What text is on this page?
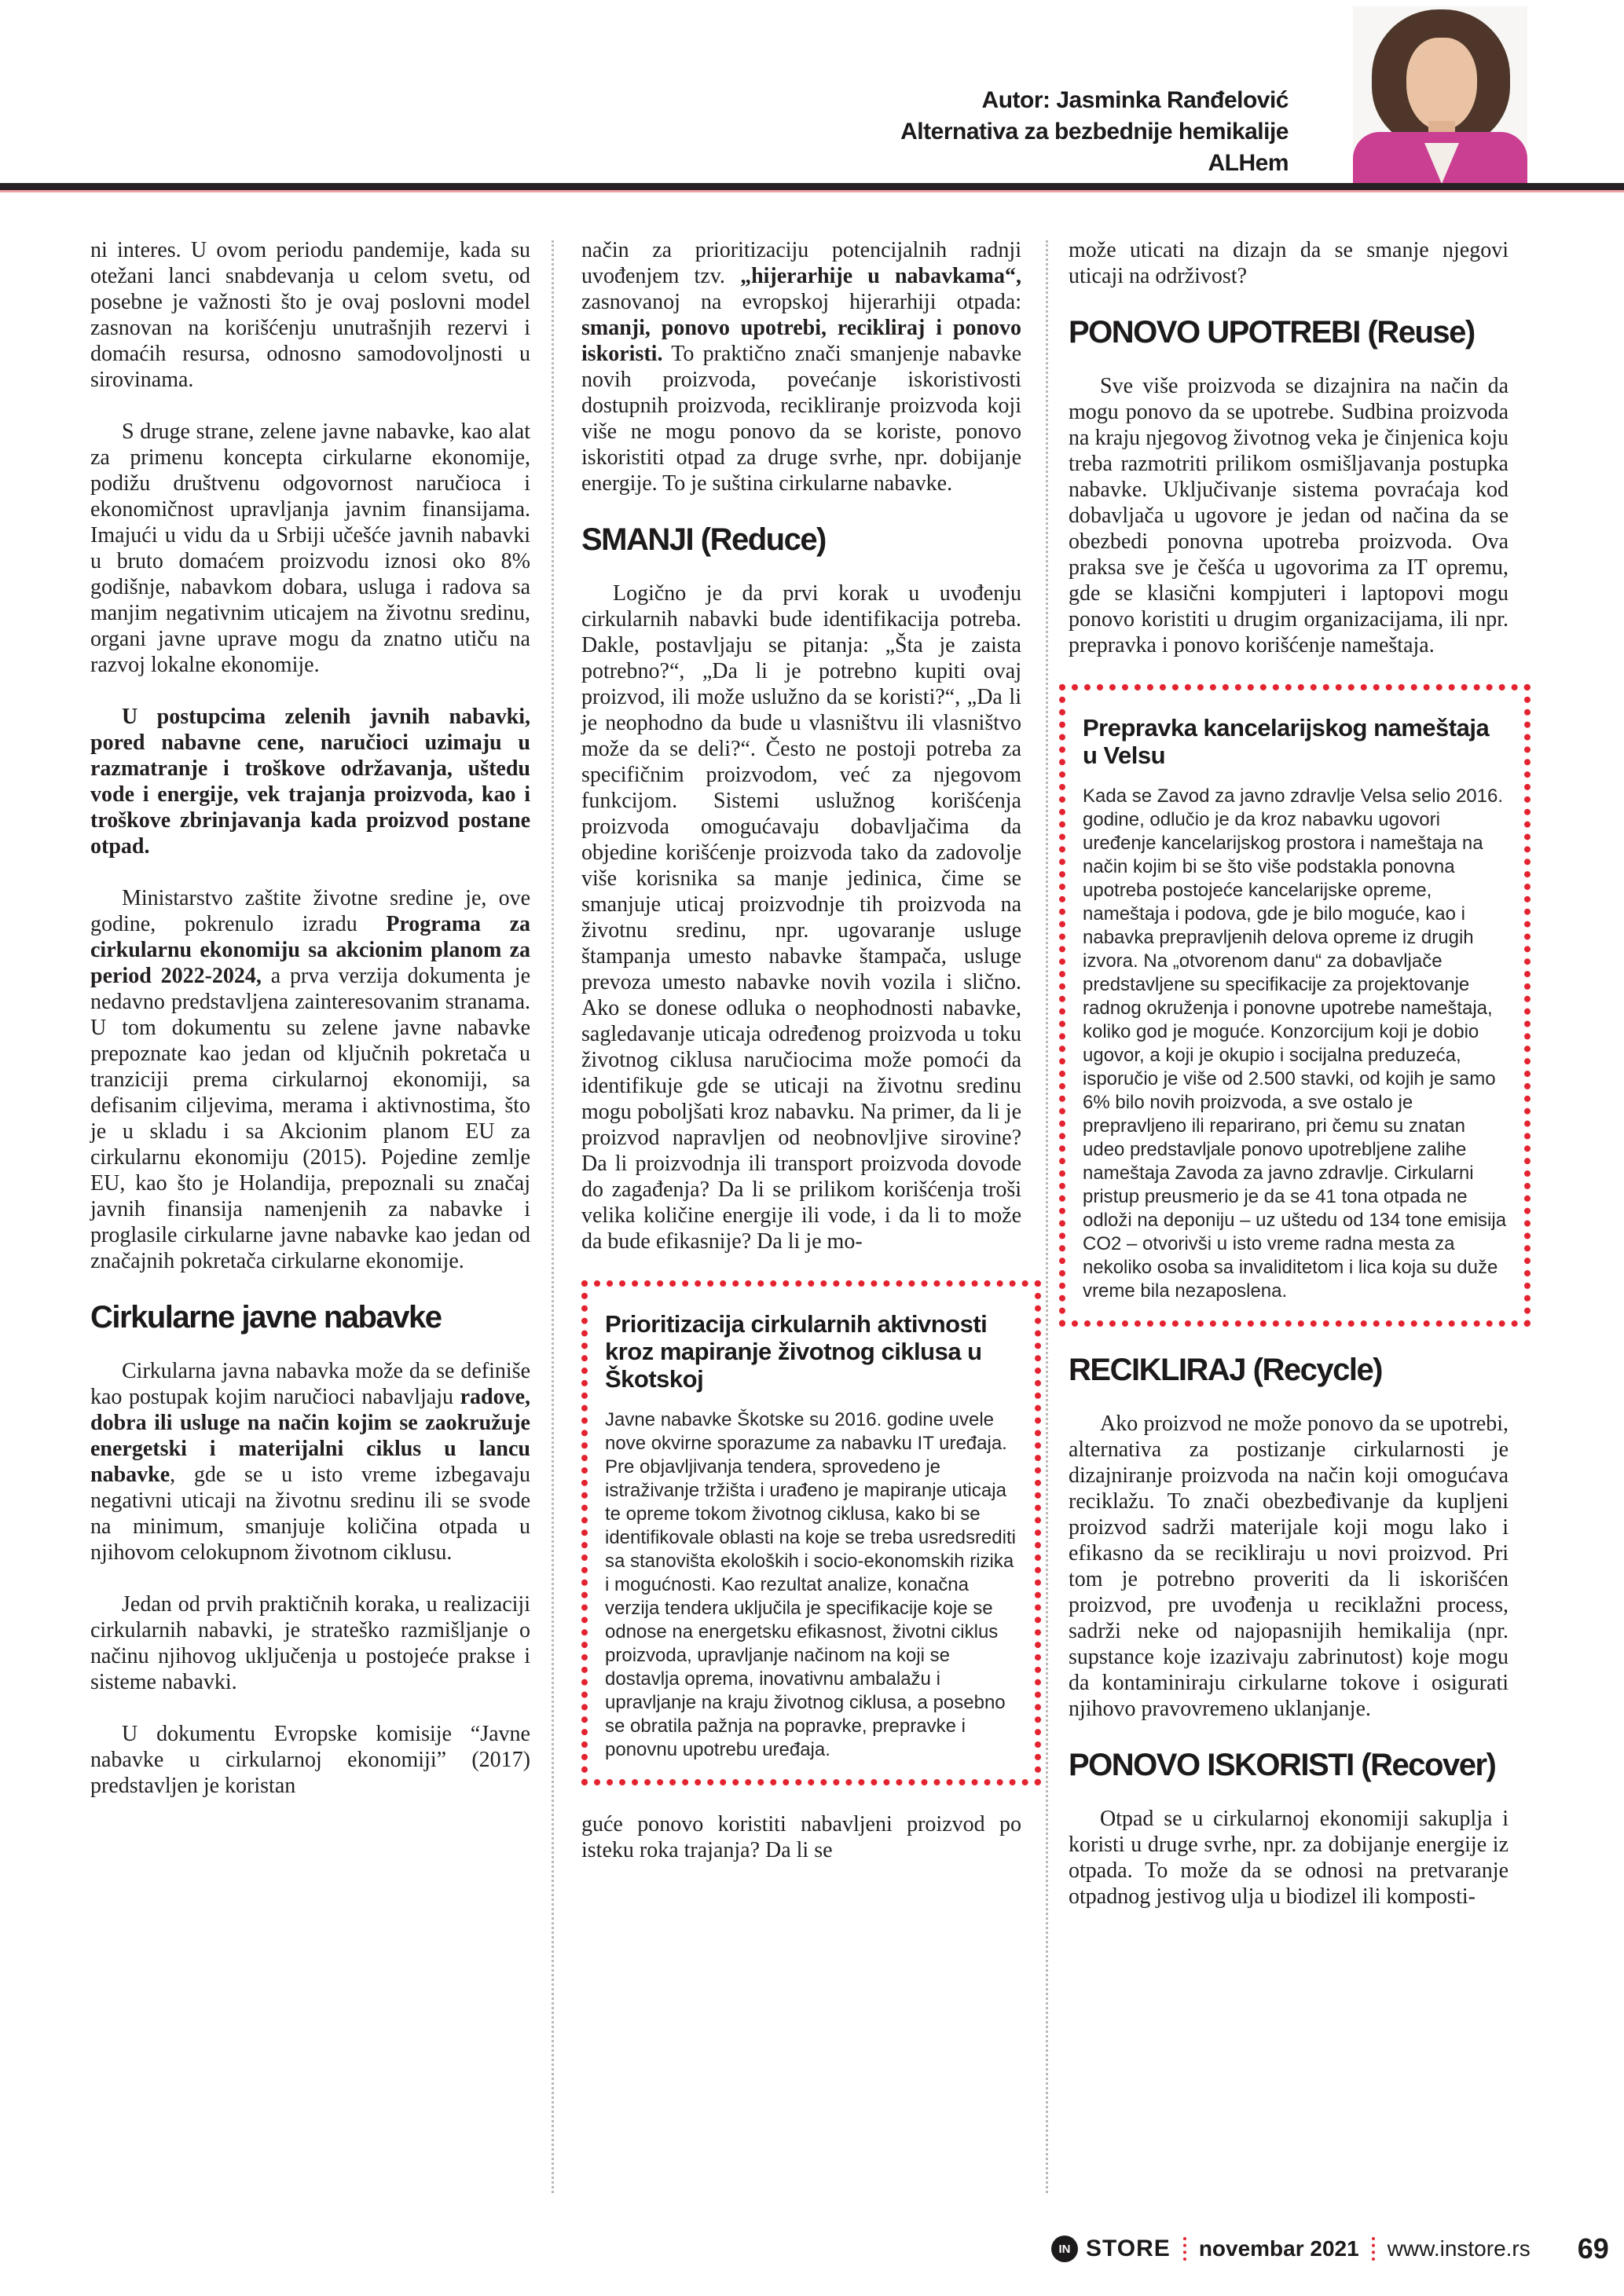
Autor: Jasminka Ranđelović
Alternativa za bezbednije hemikalije
ALHem

ni interes. U ovom periodu pandemije, kada su otežani lanci snabdevanja u celom svetu, od posebne je važnosti što je ovaj poslovni model zasnovan na korišćenju unutrašnjih rezervi i domaćih resursa, odnosno samodovoljnosti u sirovinama.

S druge strane, zelene javne nabavke, kao alat za primenu koncepta cirkularne ekonomije, podižu društvenu odgovornost naručioca i ekonomičnost upravljanja javnim finansijama. Imajući u vidu da u Srbiji učešće javnih nabavki u bruto domaćem proizvodu iznosi oko 8% godišnje, nabavkom dobara, usluga i radova sa manjim negativnim uticajem na životnu sredinu, organi javne uprave mogu da znatno utiču na razvoj lokalne ekonomije.

U postupcima zelenih javnih nabavki, pored nabavne cene, naručioci uzimaju u razmatranje i troškove održavanja, uštedu vode i energije, vek trajanja proizvoda, kao i troškove zbrinjavanja kada proizvod postane otpad.

Ministarstvo zaštite životne sredine je, ove godine, pokrenulo izradu Programa za cirkularnu ekonomiju sa akcionim planom za period 2022-2024, a prva verzija dokumenta je nedavno predstavljena zainteresovanim stranama. U tom dokumentu su zelene javne nabavke prepoznate kao jedan od ključnih pokretača u tranziciji prema cirkularnoj ekonomiji, sa defisanim ciljevima, merama i aktivnostima, što je u skladu i sa Akcionim planom EU za cirkularnu ekonomiju (2015). Pojedine zemlje EU, kao što je Holandija, prepoznali su značaj javnih finansija namenjenih za nabavke i proglasile cirkularne javne nabavke kao jedan od značajnih pokretača cirkularne ekonomije.

Cirkularne javne nabavke

Cirkularna javna nabavka može da se definiše kao postupak kojim naručioci nabavljaju radove, dobra ili usluge na način kojim se zaokružuje energetski i materijalni ciklus u lancu nabavke, gde se u isto vreme izbegavaju negativni uticaji na životnu sredinu ili se svode na minimum, smanjuje količina otpada u njihovom celokupnom životnom ciklusu.

Jedan od prvih praktičnih koraka, u realizaciji cirkularnih nabavki, je strateško razmišljanje o načinu njihovog uključenja u postojeće prakse i sisteme nabavki.

U dokumentu Evropske komisije “Javne nabavke u cirkularnoj ekonomiji” (2017) predstavljen je koristan

način za prioritizaciju potencijalnih radnji uvođenjem tzv. „hijerarhije u nabavkama“, zasnovanoj na evropskoj hijerarhiji otpada: smanji, ponovo upotrebi, recikliraj i ponovo iskoristi. To praktično znači smanjenje nabavke novih proizvoda, povećanje iskoristivosti dostupnih proizvoda, recikliranje proizvoda koji više ne mogu ponovo da se koriste, ponovo iskoristiti otpad za druge svrhe, npr. dobijanje energije. To je suština cirkularne nabavke.

SMANJI (Reduce)

Logično je da prvi korak u uvođenju cirkularnih nabavki bude identifikacija potreba. Dakle, postavljaju se pitanja: „Šta je zaista potrebno?“, „Da li je potrebno kupiti ovaj proizvod, ili može uslužno da se koristi?“, „Da li je neophodno da bude u vlasništvu ili vlasništvo može da se deli?“. Često ne postoji potreba za specifičnim proizvodom, već za njegovom funkcijom. Sistemi uslužnog korišćenja proizvoda omogućavaju dobavljačima da objedine korišćenje proizvoda tako da zadovolje više korisnika sa manje jedinica, čime se smanjuje uticaj proizvodnje tih proizvoda na životnu sredinu, npr. ugovaranje usluge štampanja umesto nabavke štampača, usluge prevoza umesto nabavke novih vozila i slično. Ako se donese odluka o neophodnosti nabavke, sagledavanje uticaja određenog proizvoda u toku životnog ciklusa naručiocima može pomoći da identifikuje gde se uticaji na životnu sredinu mogu poboljšati kroz nabavku. Na primer, da li je proizvod napravljen od neobnovljive sirovine? Da li proizvodnja ili transport proizvoda dovode do zagađenja? Da li se prilikom korišćenja troši velika količine energije ili vode, i da li to može da bude efikasnije? Da li je mo-

Prioritizacija cirkularnih aktivnosti kroz mapiranje životnog ciklusa u Škotskoj
Javne nabavke Škotske su 2016. godine uvele nove okvirne sporazume za nabavku IT uređaja. Pre objavljivanja tendera, sprovedeno je istraživanje tržišta i urađeno je mapiranje uticaja te opreme tokom životnog ciklusa, kako bi se identifikovale oblasti na koje se treba usredsrediti sa stanovišta ekoloških i socio-ekonomskih rizika i mogućnosti. Kao rezultat analize, konačna verzija tendera uključila je specifikacije koje se odnose na energetsku efikasnost, životni ciklus proizvoda, upravljanje načinom na koji se dostavlja oprema, inovativnu ambalažu i upravljanje na kraju životnog ciklusa, a posebno se obratila pažnja na popravke, prepravke i ponovnu upotrebu uređaja.

guće ponovo koristiti nabavljeni proizvod po isteku roka trajanja? Da li se

može uticati na dizajn da se smanje njegovi uticaji na održivost?

PONOVO UPOTREBI (Reuse)

Sve više proizvoda se dizajnira na način da mogu ponovo da se upotrebe. Sudbina proizvoda na kraju njegovog životnog veka je činjenica koju treba razmotriti prilikom osmišljavanja postupka nabavke. Uključivanje sistema povraćaja kod dobavljača u ugovore je jedan od načina da se obezbedi ponovna upotreba proizvoda. Ova praksa sve je češća u ugovorima za IT opremu, gde se klasični kompjuteri i laptopovi mogu ponovo koristiti u drugim organizacijama, ili npr. prepravka i ponovo korišćenje nameštaja.

Prepravka kancelarijskog nameštaja u Velsu
Kada se Zavod za javno zdravlje Velsa selio 2016. godine, odlučio je da kroz nabavku ugovori uređenje kancelarijskog prostora i nameštaja na način kojim bi se što više podstakla ponovna upotreba postojeće kancelarijske opreme, nameštaja i podova, gde je bilo moguće, kao i nabavka prepravljenih delova opreme iz drugih izvora. Na „otvorenom danu“ za dobavljače predstavljene su specifikacije za projektovanje radnog okruženja i ponovne upotrebe nameštaja, koliko god je moguće. Konzorcijum koji je dobio ugovor, a koji je okupio i socijalna preduzeća, isporučio je više od 2.500 stavki, od kojih je samo 6% bilo novih proizvoda, a sve ostalo je prepravljeno ili reparirano, pri čemu su znatan udeo predstavljale ponovo upotrebljene zalihe nameštaja Zavoda za javno zdravlje. Cirkularni pristup preusmerio je da se 41 tona otpada ne odloži na deponiju – uz uštedu od 134 tone emisija CO2 – otvorivši u isto vreme radna mesta za nekoliko osoba sa invaliditetom i lica koja su duže vreme bila nezaposlena.
RECIKLIRAJ (Recycle)

Ako proizvod ne može ponovo da se upotrebi, alternativa za postizanje cirkularnosti je dizajniranje proizvoda na način koji omogućava reciklažu. To znači obezbeđivanje da kupljeni proizvod sadrži materijale koji mogu lako i efikasno da se recikliraju u novi proizvod. Pri tom je potrebno proveriti da li iskorišćen proizvod, pre uvođenja u reciklažni process, sadrži neke od najopasnijih hemikalija (npr. supstance koje izazivaju zabrinutost) koje mogu da kontaminiraju cirkularne tokove i osigurati njihovo pravovremeno uklanjanje.

PONOVO ISKORISTI (Recover)

Otpad se u cirkularnoj ekonomiji sakuplja i koristi u druge svrhe, npr. za dobijanje energije iz otpada. To može da se odnosi na pretvaranje otpadnog jestivog ulja u biodizel ili komposti-

IN STORE novembar 2021 www.instore.rs 69
